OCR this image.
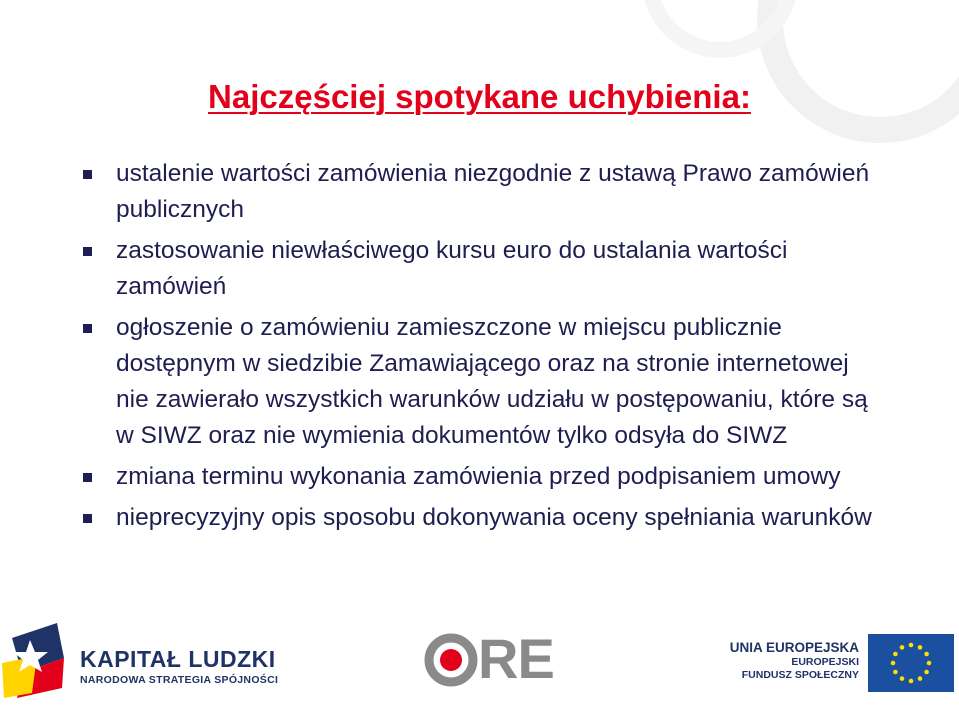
Najczęściej spotykane uchybienia:
ustalenie wartości zamówienia niezgodnie z ustawą Prawo zamówień publicznych
zastosowanie niewłaściwego kursu euro do ustalania wartości zamówień
ogłoszenie o zamówieniu zamieszczone w miejscu publicznie dostępnym w siedzibie Zamawiającego oraz na stronie internetowej nie zawierało wszystkich warunków udziału w postępowaniu, które są w SIWZ oraz nie wymienia dokumentów tylko odsyła do SIWZ
zmiana terminu wykonania zamówienia przed podpisaniem umowy
nieprecyzyjny opis sposobu dokonywania oceny spełniania warunków
KAPITAŁ LUDZKI
NARODOWA STRATEGIA SPÓJNOŚCI	RE	UNIA EUROPEJSKA
EUROPEJSKI
FUNDUSZ SPOŁECZNY
